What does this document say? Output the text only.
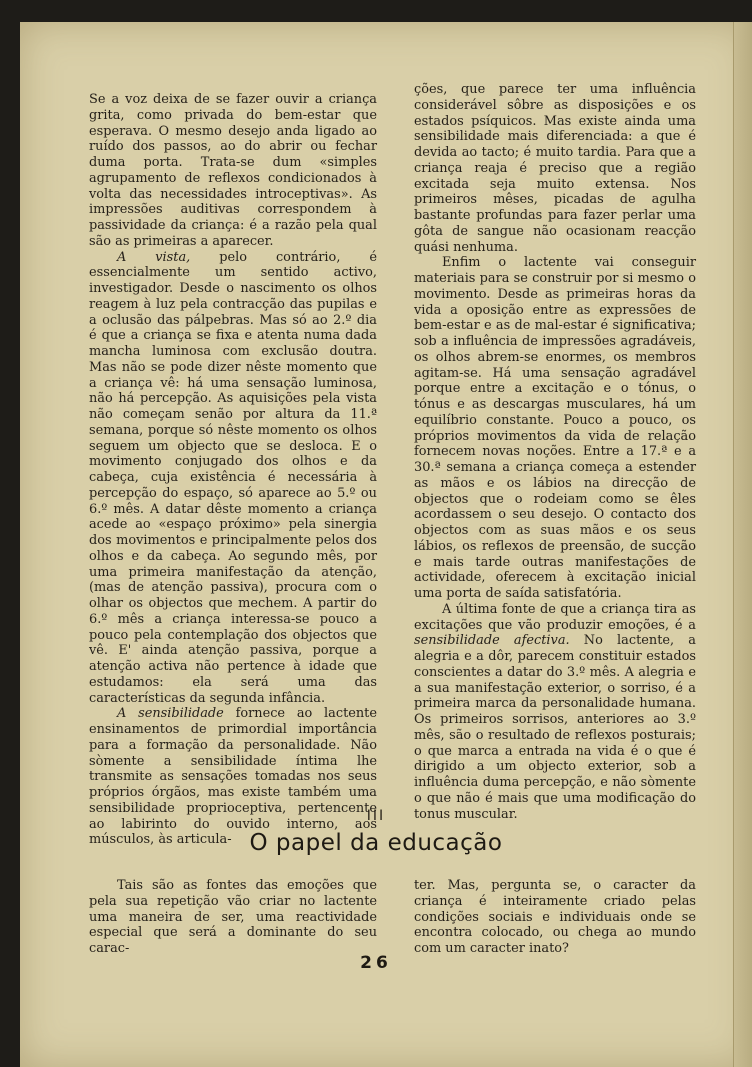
Se a voz deixa de se fazer ouvir a criança grita, como privada do bem-estar que esperava. O mesmo desejo anda ligado ao ruído dos passos, ao do abrir ou fechar duma porta. Trata-se dum «simples agrupamento de reflexos condicionados à volta das necessidades introceptivas». As impressões auditivas correspondem à passividade da criança: é a razão pela qual são as primeiras a aparecer.

A vista, pelo contrário, é essencialmente um sentido activo, investigador. Desde o nascimento os olhos reagem à luz pela contracção das pupilas e a oclusão das pálpebras. Mas só ao 2.º dia é que a criança se fixa e atenta numa dada mancha luminosa com exclusão doutra. Mas não se pode dizer nêste momento que a criança vê: há uma sensação luminosa, não há percepção. As aquisições pela vista não começam senão por altura da 11.ª semana, porque só nêste momento os olhos seguem um objecto que se desloca. E o movimento conjugado dos olhos e da cabeça, cuja existência é necessária à percepção do espaço, só aparece ao 5.º ou 6.º mês. A datar dêste momento a criança acede ao «espaço próximo» pela sinergia dos movimentos e principalmente pelos dos olhos e da cabeça. Ao segundo mês, por uma primeira manifestação da atenção, (mas de atenção passiva), procura com o olhar os objectos que mechem. A partir do 6.º mês a criança interessa-se pouco a pouco pela contemplação dos objectos que vê. E' ainda atenção passiva, porque a atenção activa não pertence à idade que estudamos: ela será uma das características da segunda infância.

A sensibilidade fornece ao lactente ensinamentos de primordial importância para a formação da personalidade. Não sòmente a sensibilidade íntima lhe transmite as sensações tomadas nos seus próprios órgãos, mas existe também uma sensibilidade proprioceptiva, pertencente ao labirinto do ouvido interno, aos músculos, às articula-

ções, que parece ter uma influência considerável sôbre as disposições e os estados psíquicos. Mas existe ainda uma sensibilidade mais diferenciada: a que é devida ao tacto; é muito tardia. Para que a criança reaja é preciso que a região excitada seja muito extensa. Nos primeiros mêses, picadas de agulha bastante profundas para fazer perlar uma gôta de sangue não ocasionam reacção quási nenhuma.

Enfim o lactente vai conseguir materiais para se construir por si mesmo o movimento. Desde as primeiras horas da vida a oposição entre as expressões de bem-estar e as de mal-estar é significativa; sob a influência de impressões agradáveis, os olhos abrem-se enormes, os membros agitam-se. Há uma sensação agradável porque entre a excitação e o tónus, o tónus e as descargas musculares, há um equilíbrio constante. Pouco a pouco, os próprios movimentos da vida de relação fornecem novas noções. Entre a 17.ª e a 30.ª semana a criança começa a estender as mãos e os lábios na direcção de objectos que o rodeiam como se êles acordassem o seu desejo. O contacto dos objectos com as suas mãos e os seus lábios, os reflexos de preensão, de sucção e mais tarde outras manifestações de actividade, oferecem à excitação inicial uma porta de saída satisfatória.

A última fonte de que a criança tira as excitações que vão produzir emoções, é a sensibilidade afectiva. No lactente, a alegria e a dôr, parecem constituir estados conscientes a datar do 3.º mês. A alegria e a sua manifestação exterior, o sorriso, é a primeira marca da personalidade humana. Os primeiros sorrisos, anteriores ao 3.º mês, são o resultado de reflexos posturais; o que marca a entrada na vida é o que é dirigido a um objecto exterior, sob a influência duma percepção, e não sòmente o que não é mais que uma modificação do tonus muscular.

III
O papel da educação

Tais são as fontes das emoções que pela sua repetição vão criar no lactente uma maneira de ser, uma reactividade especial que será a dominante do seu carac-

ter. Mas, pergunta se, o caracter da criança é inteiramente criado pelas condições sociais e individuais onde se encontra colocado, ou chega ao mundo com um caracter inato?

26
